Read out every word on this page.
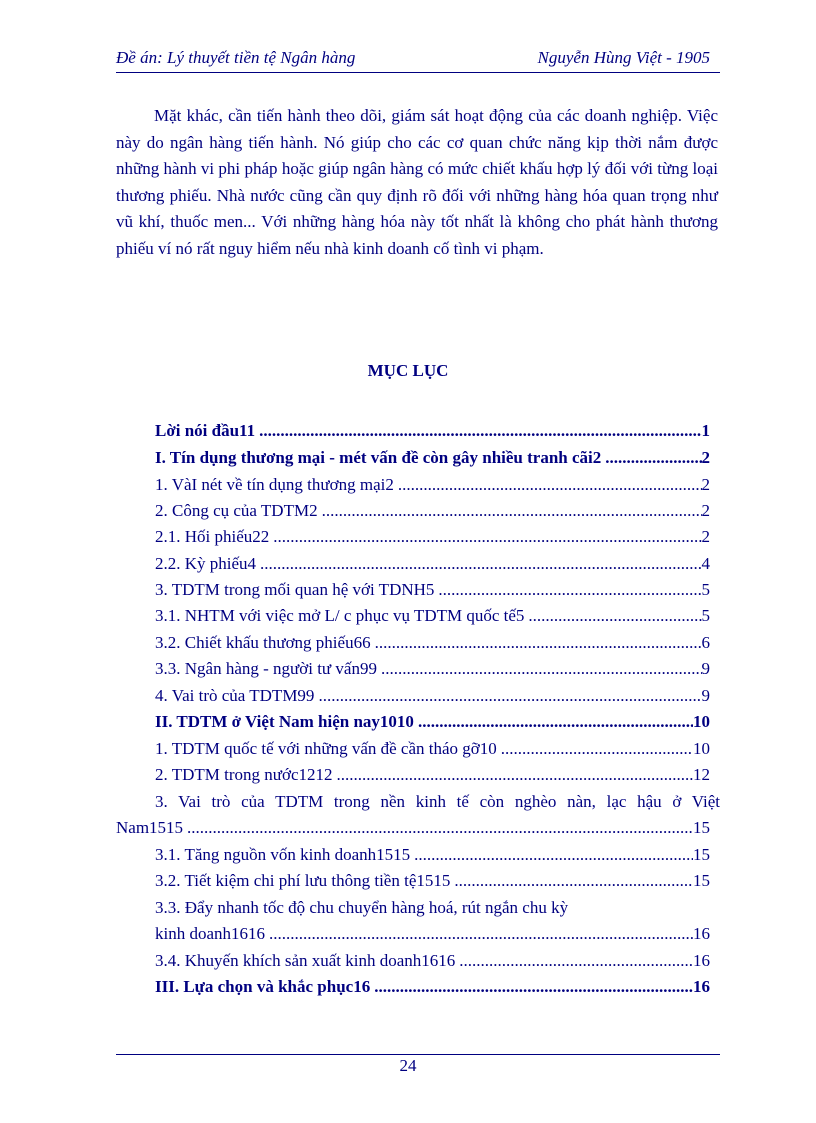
Đề án: Lý thuyết tiền tệ Ngân hàng	Nguyễn Hùng Việt - 1905

Mặt khác, cần tiến hành theo dõi, giám sát hoạt động của các doanh nghiệp. Việc này do ngân hàng tiến hành. Nó giúp cho các cơ quan chức năng kịp thời nắm được những hành vi phi pháp hoặc giúp ngân hàng có mức chiết khấu hợp lý đối với từng loại thương phiếu. Nhà nước cũng cần quy định rõ đối với những hàng hóa quan trọng như vũ khí, thuốc men... Với những hàng hóa này tốt nhất là không cho phát hành thương phiếu ví nó rất nguy hiểm nếu nhà kinh doanh cố tình vi phạm.

MỤC LỤC
Lời nói đầu11 .....	1
I. Tín dụng thương mại - mét vấn đề còn gây nhiều tranh cãi2 .....	2
1. VàI nét về tín dụng thương mại2 .....	2
2. Công cụ của TDTM2 .....	2
2.1. Hối phiếu22 .....	2
2.2. Kỳ phiếu4 .....	4
3. TDTM trong mối quan hệ với TDNH5 .....	5
3.1. NHTM với việc mở L/ c phục vụ TDTM quốc tế5 .....	5
3.2. Chiết khấu thương phiếu66 .....	6
3.3. Ngân hàng - người tư vấn99 .....	9
4. Vai trò của TDTM99 .....	9
II. TDTM ở Việt Nam hiện nay1010 .....	10
1. TDTM quốc tế với những vấn đề cần tháo gỡ10 .....	10
2. TDTM trong nước1212 .....	12
3. Vai trò của TDTM trong nền kinh tế còn nghèo nàn, lạc hậu ở Việt
Nam1515 .....	15
3.1. Tăng nguồn vốn kinh doanh1515 .....	15
3.2. Tiết kiệm chi phí lưu thông tiền tệ1515 .....	15
3.3. Đẩy nhanh tốc độ chu chuyển hàng hoá, rút ngắn chu kỳ
kinh doanh1616 .....	16
3.4. Khuyến khích sản xuất kinh doanh1616 .....	16
III. Lựa chọn và khắc phục16 .....	16
24
